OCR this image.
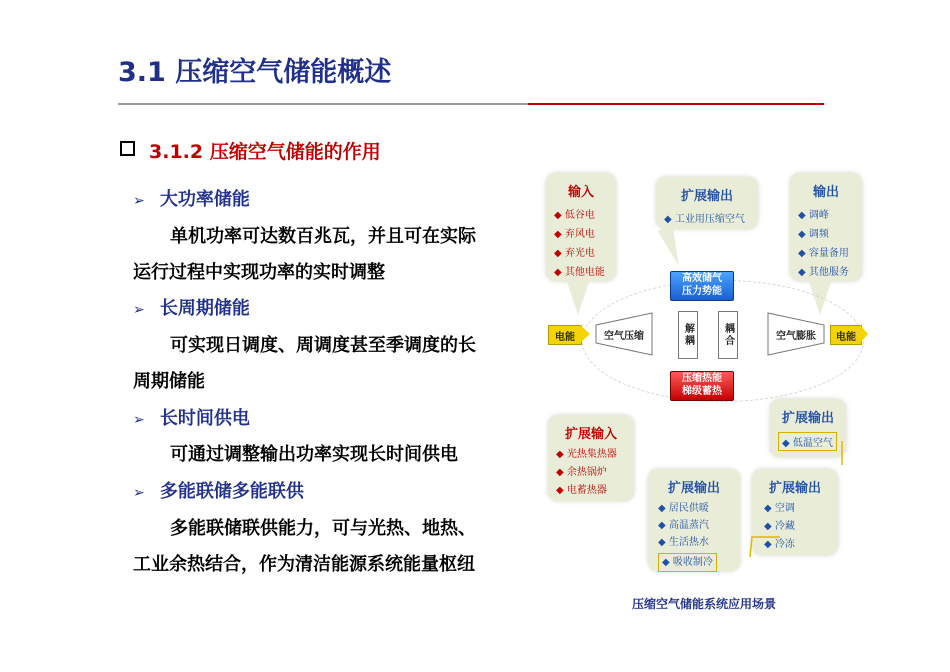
3.1 压缩空气储能概述
3.1.2 压缩空气储能的作用
➢ 大功率储能
单机功率可达数百兆瓦，并且可在实际
运行过程中实现功率的实时调整
➢ 长周期储能
可实现日调度、周调度甚至季调度的长
周期储能
➢ 长时间供电
可通过调整输出功率实现长时间供电
➢ 多能联储多能联供
多能联储联供能力，可与光热、地热、
工业余热结合，作为清洁能源系统能量枢纽
输入
◆ 低谷电
◆ 弃风电
◆ 弃光电
◆ 其他电能
扩展输出
◆ 工业用压缩空气
输出
◆ 调峰
◆ 调频
◆ 容量备用
◆ 其他服务
电能	空气压缩	解耦	耦合
高效储气
压力势能
压缩热能
梯级蓄热
空气膨胀	电能
扩展输入
◆ 光热集热器
◆ 余热锅炉
◆ 电蓄热器
扩展输出
◆ 低温空气
扩展输出
◆ 居民供暖
◆ 高温蒸汽
◆ 生活热水
◆ 吸收制冷
扩展输出
◆ 空调
◆ 冷藏
◆ 冷冻
压缩空气储能系统应用场景
